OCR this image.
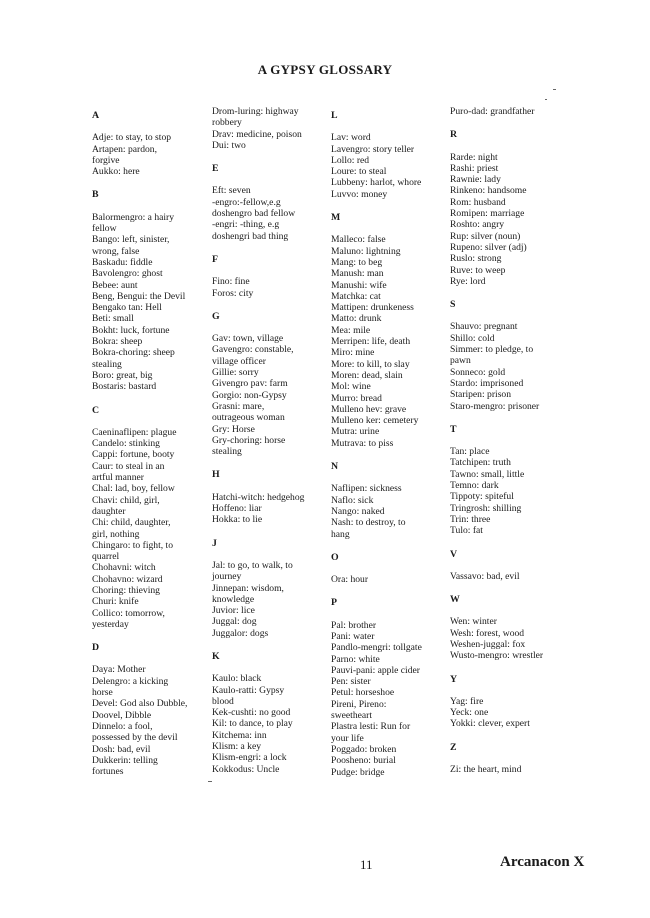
A GYPSY GLOSSARY
A
Adje: to stay, to stop
Artapen: pardon,
forgive
Aukko: here
B
Balormengro: a hairy
fellow
Bango: left, sinister,
wrong, false
Baskadu: fiddle
Bavolengro: ghost
Bebee: aunt
Beng, Bengui: the Devil
Bengako tan: Hell
Beti: small
Bokht: luck, fortune
Bokra: sheep
Bokra-choring: sheep
stealing
Boro: great, big
Bostaris: bastard
C
Caeninaflipen: plague
Candelo: stinking
Cappi: fortune, booty
Caur: to steal in an
artful manner
Chal: lad, boy, fellow
Chavi: child, girl,
daughter
Chi: child, daughter,
girl, nothing
Chingaro: to fight, to
quarrel
Chohavni: witch
Chohavno: wizard
Choring: thieving
Churi: knife
Collico: tomorrow,
yesterday
D
Daya: Mother
Delengro: a kicking
horse
Devel: God also Dubble,
Doovel, Dibble
Dinnelo: a fool,
possessed by the devil
Dosh: bad, evil
Dukkerin: telling
fortunes
Drom-luring: highway
robbery
Drav: medicine, poison
Dui: two
E
Eft: seven
-engro:-fellow,e.g
doshengro bad fellow
-engri: -thing, e.g
doshengri bad thing
F
Fino: fine
Foros: city
G
Gav: town, village
Gavengro: constable,
village officer
Gillie: sorry
Givengro pav: farm
Gorgio: non-Gypsy
Grasni: mare,
outrageous woman
Gry: Horse
Gry-choring: horse
stealing
H
Hatchi-witch: hedgehog
Hoffeno: liar
Hokka: to lie
J
Jal: to go, to walk, to
journey
Jinnepan: wisdom,
knowledge
Juvior: lice
Juggal: dog
Juggalor: dogs
K
Kaulo: black
Kaulo-ratti: Gypsy
blood
Kek-cushti: no good
Kil: to dance, to play
Kitchema: inn
Klism: a key
Klism-engri: a lock
Kokkodus: Uncle
L
Lav: word
Lavengro: story teller
Lollo: red
Loure: to steal
Lubbeny: harlot, whore
Luvvo: money
M
Malleco: false
Maluno: lightning
Mang: to beg
Manush: man
Manushi: wife
Matchka: cat
Mattipen: drunkeness
Matto: drunk
Mea: mile
Merripen: life, death
Miro: mine
More: to kill, to slay
Moren: dead, slain
Mol: wine
Murro: bread
Mulleno hev: grave
Mulleno ker: cemetery
Mutra: urine
Mutrava: to piss
N
Naflipen: sickness
Naflo: sick
Nango: naked
Nash: to destroy, to
hang
O
Ora: hour
P
Pal: brother
Pani: water
Pandlo-mengri: tollgate
Parno: white
Pauvi-pani: apple cider
Pen: sister
Petul: horseshoe
Pireni, Pireno:
sweetheart
Plastra lesti: Run for
your life
Poggado: broken
Poosheno: burial
Pudge: bridge
Puro-dad: grandfather
R
Rarde: night
Rashi: priest
Rawnie: lady
Rinkeno: handsome
Rom: husband
Romipen: marriage
Roshto: angry
Rup: silver (noun)
Rupeno: silver (adj)
Ruslo: strong
Ruve: to weep
Rye: lord
S
Shauvo: pregnant
Shillo: cold
Simmer: to pledge, to
pawn
Sonneco: gold
Stardo: imprisoned
Staripen: prison
Staro-mengro: prisoner
T
Tan: place
Tatchipen: truth
Tawno: small, little
Temno: dark
Tippoty: spiteful
Tringrosh: shilling
Trin: three
Tulo: fat
V
Vassavo: bad, evil
W
Wen: winter
Wesh: forest, wood
Weshen-juggal: fox
Wusto-mengro: wrestler
Y
Yag: fire
Yeck: one
Yokki: clever, expert
Z
Zi: the heart, mind
11	Arcanacon X
